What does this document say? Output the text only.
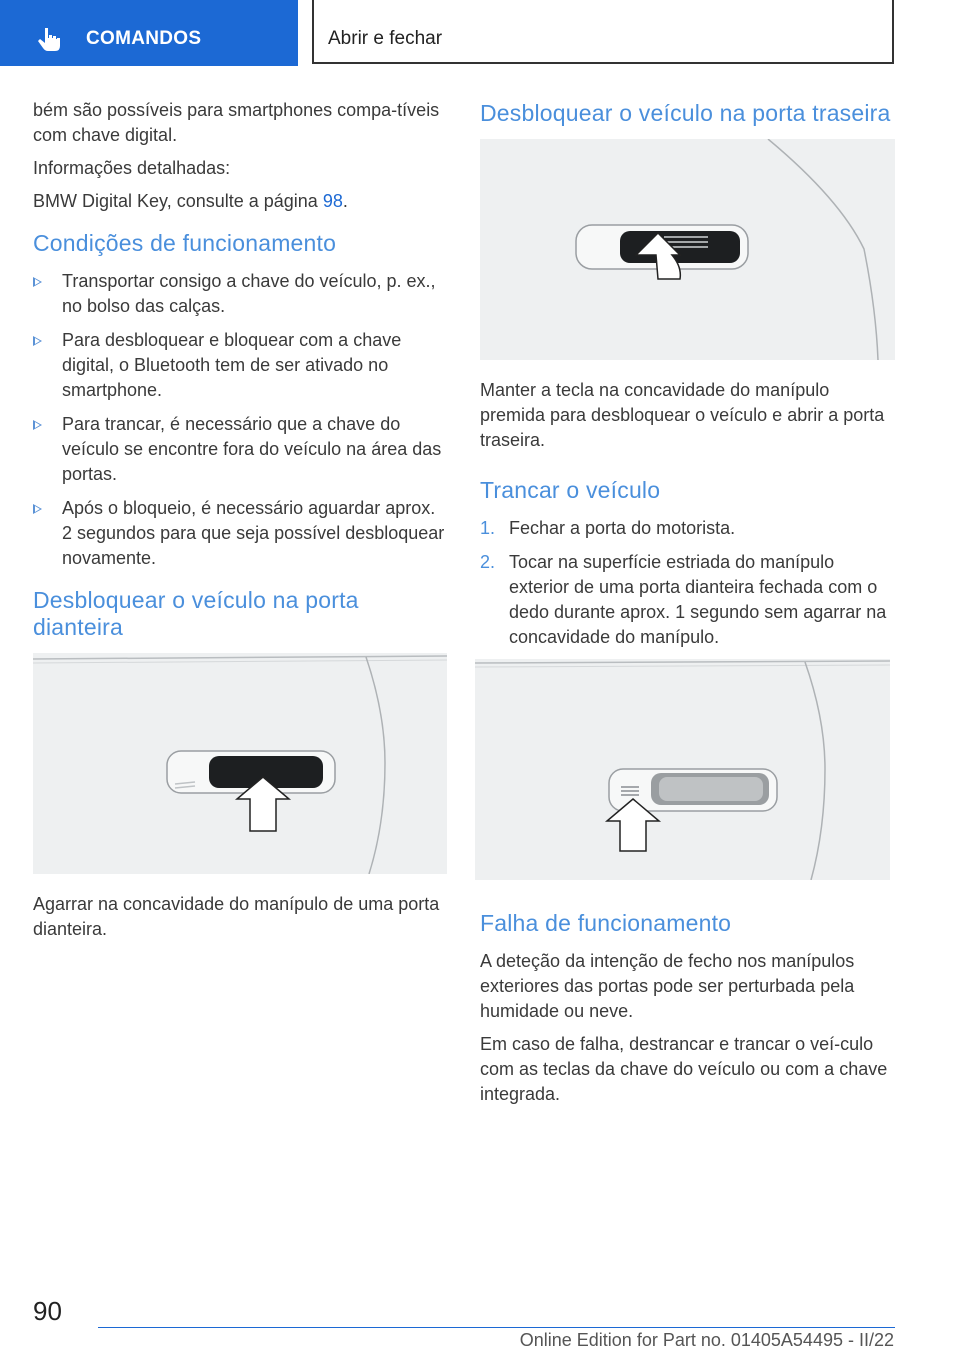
COMANDOS	Abrir e fechar

bém são possíveis para smartphones compa-tíveis com chave digital.

Informações detalhadas:

BMW Digital Key, consulte a página 98.

Condições de funcionamento
Transportar consigo a chave do veículo, p. ex., no bolso das calças.
Para desbloquear e bloquear com a chave digital, o Bluetooth tem de ser ativado no smartphone.
Para trancar, é necessário que a chave do veículo se encontre fora do veículo na área das portas.
Após o bloqueio, é necessário aguardar aprox. 2 segundos para que seja possível desbloquear novamente.
Desbloquear o veículo na porta dianteira

Agarrar na concavidade do manípulo de uma porta dianteira.

Desbloquear o veículo na porta traseira

Manter a tecla na concavidade do manípulo premida para desbloquear o veículo e abrir a porta traseira.

Trancar o veículo
1. Fechar a porta do motorista.
2. Tocar na superfície estriada do manípulo exterior de uma porta dianteira fechada com o dedo durante aprox. 1 segundo sem agarrar na concavidade do manípulo.
Falha de funcionamento

A deteção da intenção de fecho nos manípulos exteriores das portas pode ser perturbada pela humidade ou neve.

Em caso de falha, destrancar e trancar o veí-culo com as teclas da chave do veículo ou com a chave integrada.

90
Online Edition for Part no. 01405A54495 - II/22
